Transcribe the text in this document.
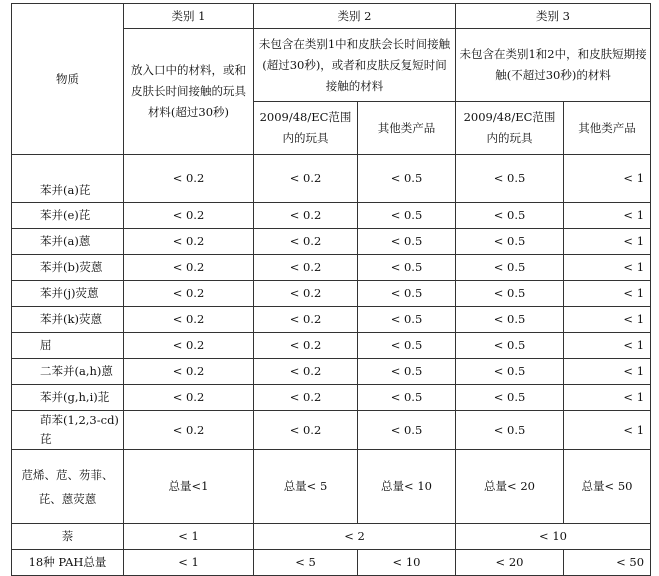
物质	类别 1	类别 2		类别 3	
	放入口中的材料，或和皮肤长时间接触的玩具材料(超过30秒)	未包含在类别1中和皮肤会长时间接触(超过30秒)，或者和皮肤反复短时间接触的材料		未包含在类别1和2中，和皮肤短期接触(不超过30秒)的材料	
		2009/48/EC范围内的玩具	其他类产品	2009/48/EC范围内的玩具	其他类产品
苯并(a)芘	< 0.2	< 0.2	< 0.5	< 0.5	< 1
苯并(e)芘	< 0.2	< 0.2	< 0.5	< 0.5	< 1
苯并(a)蒽	< 0.2	< 0.2	< 0.5	< 0.5	< 1
苯并(b)荧蒽	< 0.2	< 0.2	< 0.5	< 0.5	< 1
苯并(j)荧蒽	< 0.2	< 0.2	< 0.5	< 0.5	< 1
苯并(k)荧蒽	< 0.2	< 0.2	< 0.5	< 0.5	< 1
屈	< 0.2	< 0.2	< 0.5	< 0.5	< 1
二苯并(a,h)蒽	< 0.2	< 0.2	< 0.5	< 0.5	< 1
苯并(g,h,i)苝	< 0.2	< 0.2	< 0.5	< 0.5	< 1
茚苯(1,2,3-cd)芘	< 0.2	< 0.2	< 0.5	< 0.5	< 1
苊烯、苊、芴菲、芘、蒽荧蒽	总量<1	总量< 5	总量< 10	总量< 20	总量< 50
萘	< 1	< 2		< 10	
18种 PAH总量	< 1	< 5	< 10	< 20	< 50
